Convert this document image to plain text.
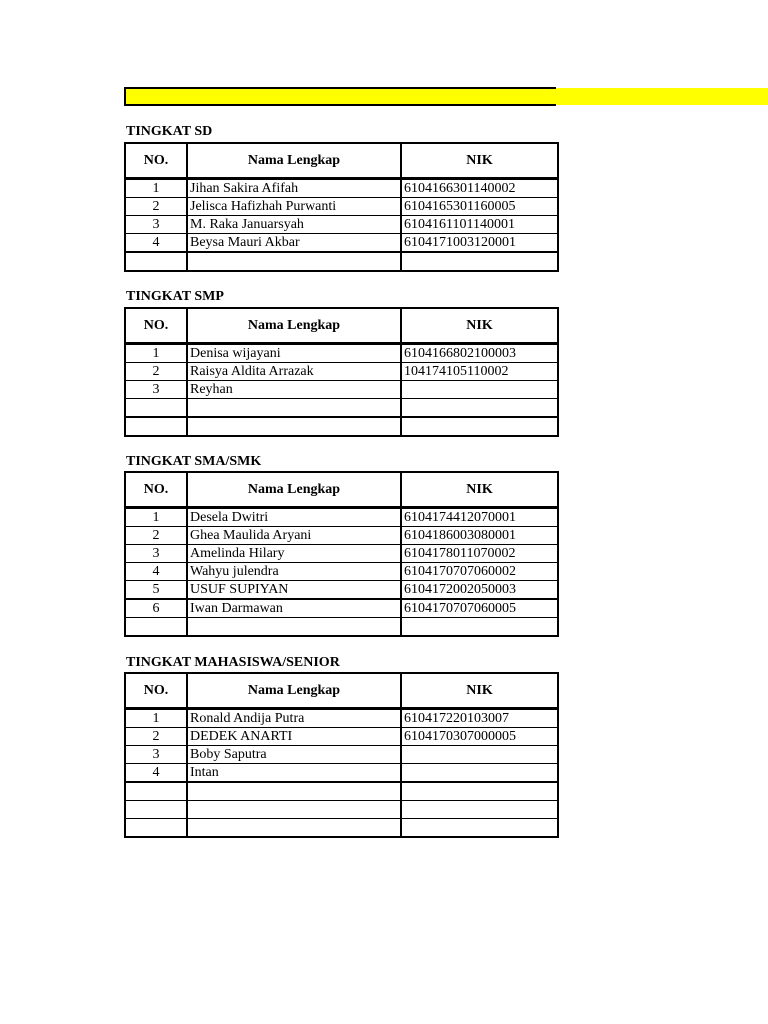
TINGKAT SD
NO.	Nama Lengkap	NIK
1	Jihan Sakira Afifah	6104166301140002
2	Jelisca Hafizhah Purwanti	6104165301160005
3	M. Raka Januarsyah	6104161101140001
4	Beysa Mauri Akbar	6104171003120001

TINGKAT SMP
NO.	Nama Lengkap	NIK
1	Denisa wijayani	6104166802100003
2	Raisya Aldita Arrazak	104174105110002
3	Reyhan	

TINGKAT SMA/SMK
NO.	Nama Lengkap	NIK
1	Desela Dwitri	6104174412070001
2	Ghea Maulida Aryani	6104186003080001
3	Amelinda Hilary	6104178011070002
4	Wahyu julendra	6104170707060002
5	USUF SUPIYAN	6104172002050003
6	Iwan Darmawan	6104170707060005

TINGKAT MAHASISWA/SENIOR
NO.	Nama Lengkap	NIK
1	Ronald Andija Putra	610417220103007
2	DEDEK ANARTI	6104170307000005
3	Boby Saputra	
4	Intan	
